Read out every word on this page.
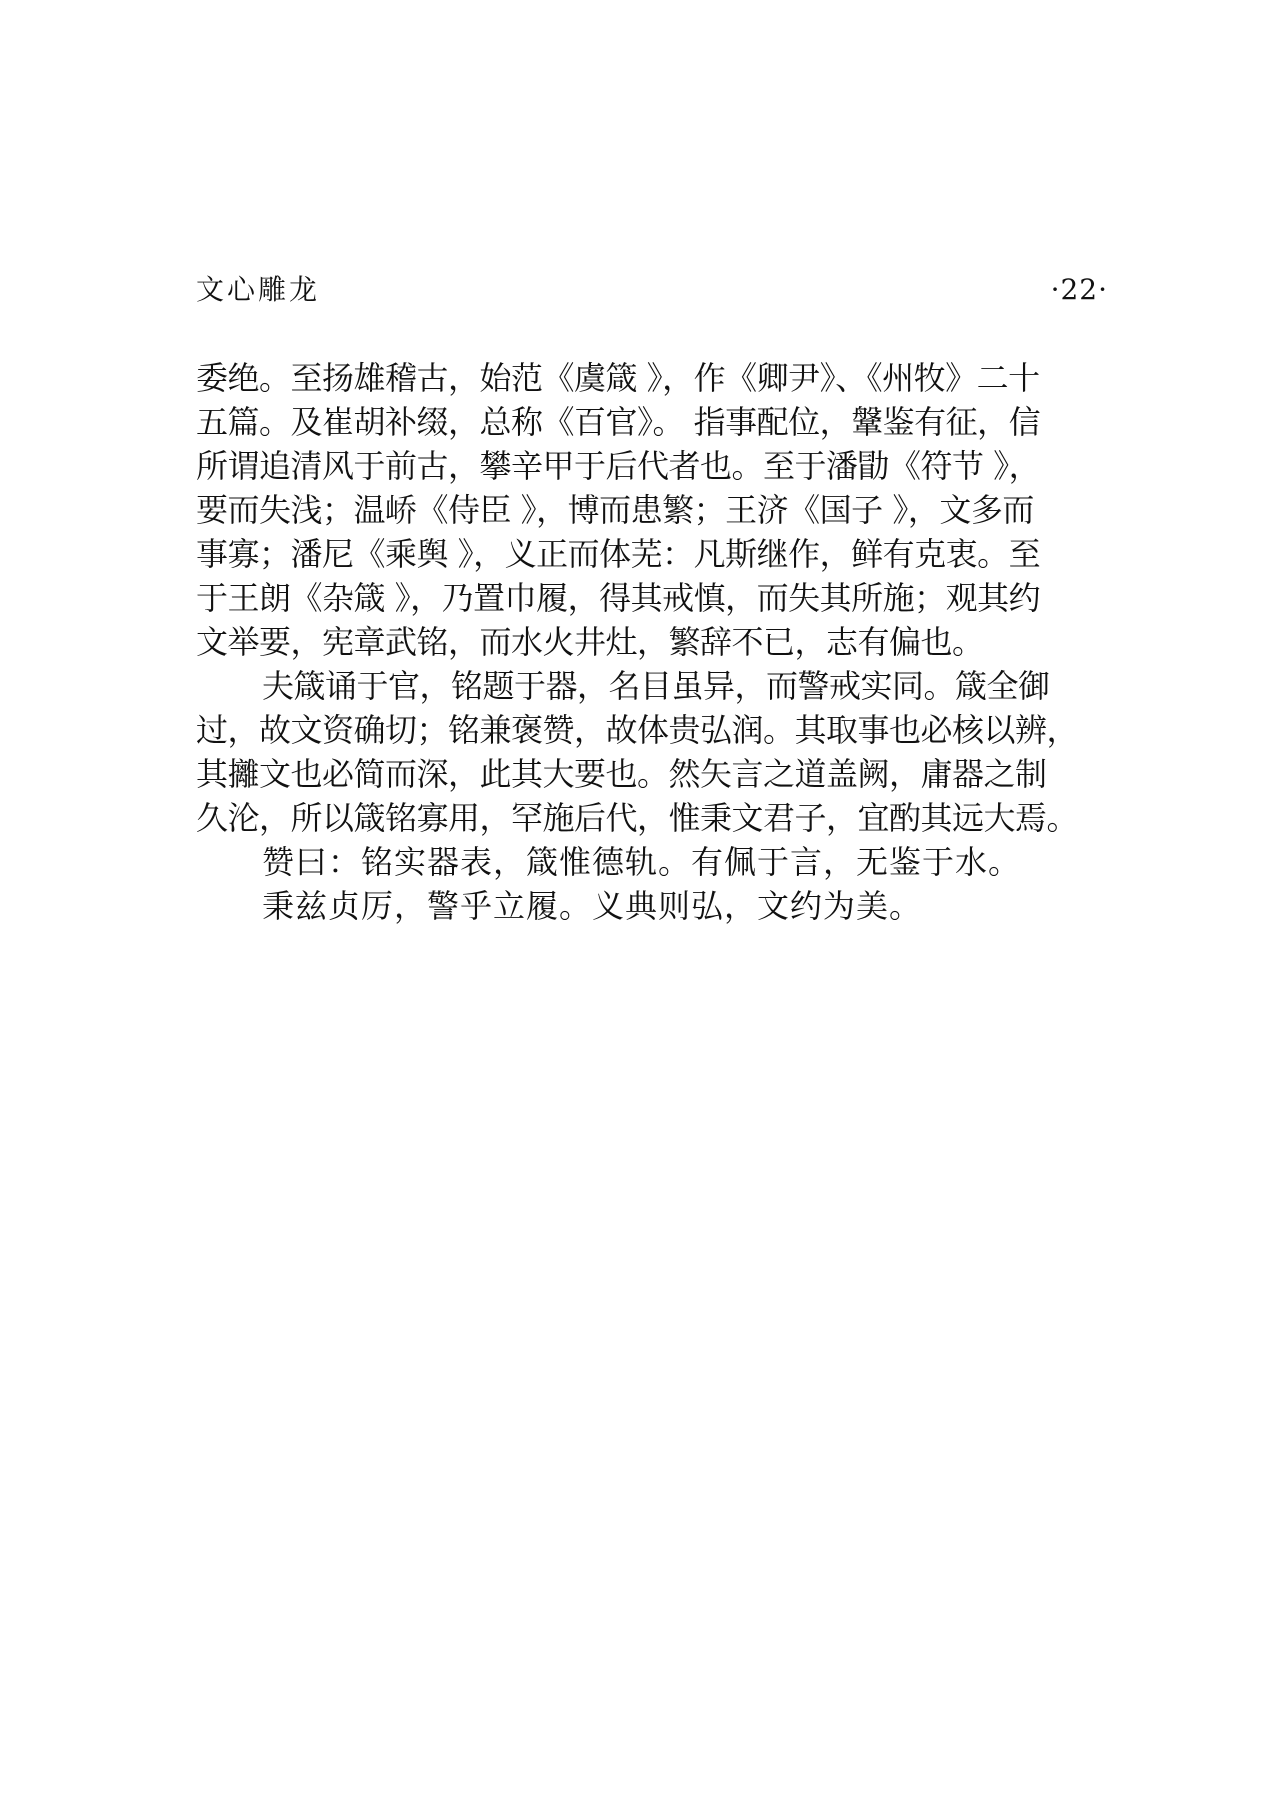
文心雕龙	·22·
委绝。至扬雄稽古，始范《虞箴 》，作《卿尹》、《州牧》二十
五篇。及崔胡补缀，总称《百官》。 指事配位，鞶鉴有征，信
所谓追清风于前古，攀辛甲于后代者也。至于潘勖《符节 》，
要而失浅；温峤《侍臣 》，博而患繁；王济《国子 》，文多而
事寡；潘尼《乘舆 》，义正而体芜：凡斯继作，鲜有克衷。至
于王朗《杂箴 》，乃置巾履，得其戒慎，而失其所施；观其约
文举要，宪章武铭，而水火井灶，繁辞不已，志有偏也。
夫箴诵于官，铭题于器，名目虽异，而警戒实同。箴全御
过，故文资确切；铭兼褒赞，故体贵弘润。其取事也必核以辨，
其攡文也必简而深，此其大要也。然矢言之道盖阙，庸器之制
久沦，所以箴铭寡用，罕施后代，惟秉文君子，宜酌其远大焉。
赞曰：铭实器表，箴惟德轨。有佩于言，无鉴于水。
秉兹贞厉，警乎立履。义典则弘，文约为美。
